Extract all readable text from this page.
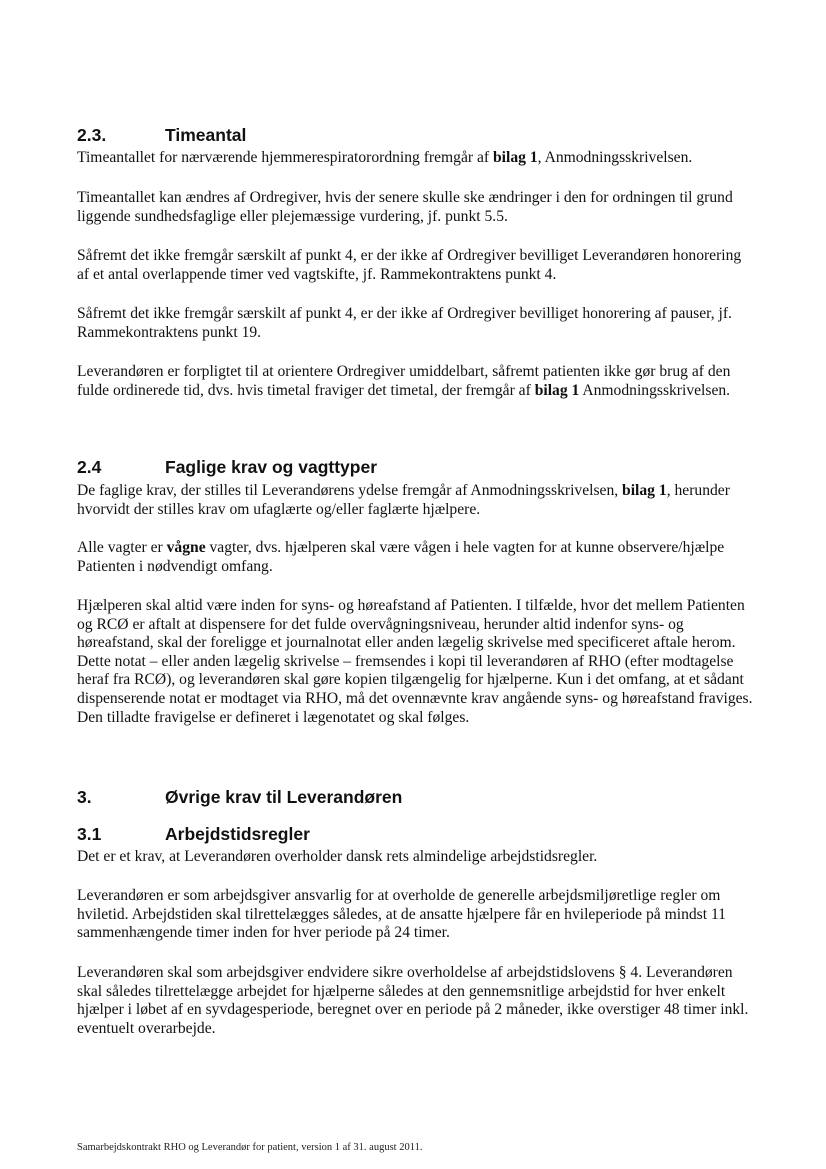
2.3.	Timeantal
Timeantallet for nærværende hjemmerespiratorordning fremgår af bilag 1, Anmodningsskrivelsen.
Timeantallet kan ændres af Ordregiver, hvis der senere skulle ske ændringer i den for ordningen til grund liggende sundhedsfaglige eller plejemæssige vurdering, jf. punkt 5.5.
Såfremt det ikke fremgår særskilt af punkt 4, er der ikke af Ordregiver bevilliget Leverandøren honorering af et antal overlappende timer ved vagtskifte, jf. Rammekontraktens punkt 4.
Såfremt det ikke fremgår særskilt af punkt 4, er der ikke af Ordregiver bevilliget honorering af pauser, jf. Rammekontraktens punkt 19.
Leverandøren er forpligtet til at orientere Ordregiver umiddelbart, såfremt patienten ikke gør brug af den fulde ordinerede tid, dvs. hvis timetal fraviger det timetal, der fremgår af bilag 1 Anmodningsskrivelsen.
2.4	Faglige krav og vagttyper
De faglige krav, der stilles til Leverandørens ydelse fremgår af Anmodningsskrivelsen, bilag 1, herunder hvorvidt der stilles krav om ufaglærte og/eller faglærte hjælpere.
Alle vagter er vågne vagter, dvs. hjælperen skal være vågen i hele vagten for at kunne observere/hjælpe Patienten i nødvendigt omfang.
Hjælperen skal altid være inden for syns- og høreafstand af Patienten. I tilfælde, hvor det mellem Patienten og RCØ er aftalt at dispensere for det fulde overvågningsniveau, herunder altid indenfor syns- og høreafstand, skal der foreligge et journalnotat eller anden lægelig skrivelse med specificeret aftale herom. Dette notat – eller anden lægelig skrivelse – fremsendes i kopi til leverandøren af RHO (efter modtagelse heraf fra RCØ), og leverandøren skal gøre kopien tilgængelig for hjælperne. Kun i det omfang, at et sådant dispenserende notat er modtaget via RHO, må det ovennævnte krav angående syns- og høreafstand fraviges. Den tilladte fravigelse er defineret i lægenotatet og skal følges.
3.	Øvrige krav til Leverandøren
3.1	Arbejdstidsregler
Det er et krav, at Leverandøren overholder dansk rets almindelige arbejdstidsregler.
Leverandøren er som arbejdsgiver ansvarlig for at overholde de generelle arbejdsmiljøretlige regler om hviletid. Arbejdstiden skal tilrettelægges således, at de ansatte hjælpere får en hvileperiode på mindst 11 sammenhængende timer inden for hver periode på 24 timer.
Leverandøren skal som arbejdsgiver endvidere sikre overholdelse af arbejdstidslovens § 4. Leverandøren skal således tilrettelægge arbejdet for hjælperne således at den gennemsnitlige arbejdstid for hver enkelt hjælper i løbet af en syvdagesperiode, beregnet over en periode på 2 måneder, ikke overstiger 48 timer inkl. eventuelt overarbejde.
Samarbejdskontrakt RHO og Leverandør for patient, version 1 af 31. august 2011.
